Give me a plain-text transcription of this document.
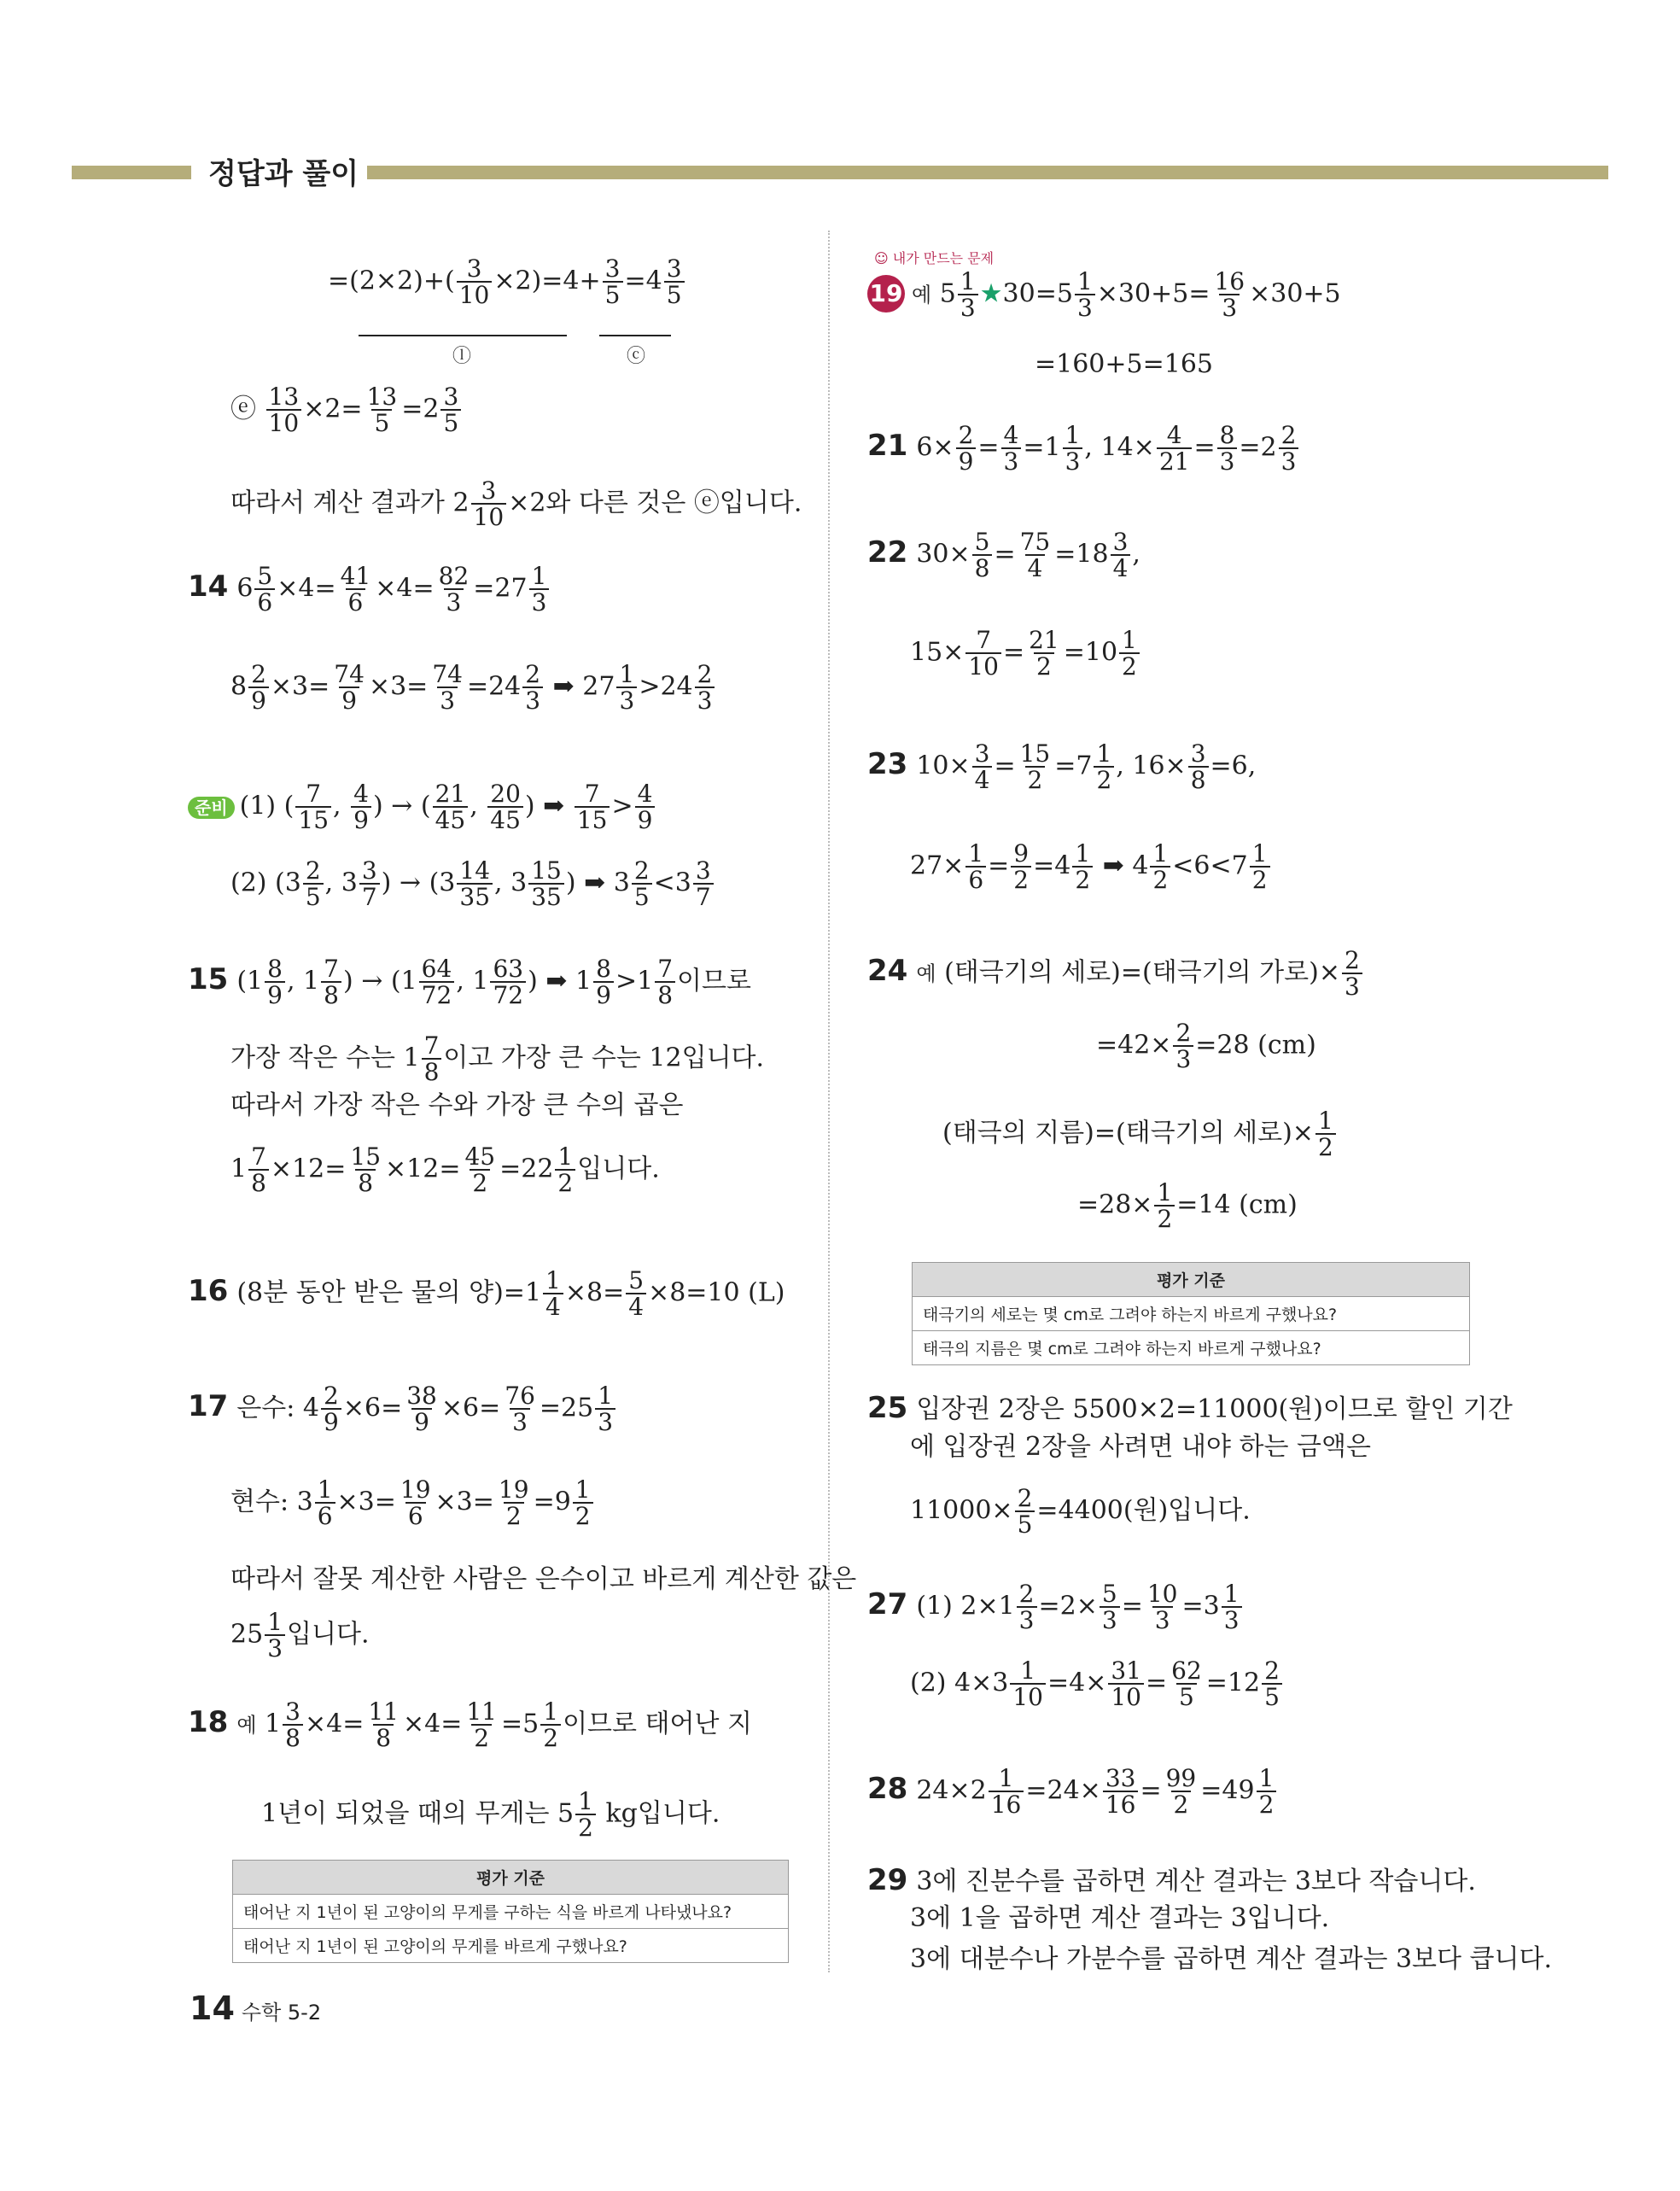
정답과 풀이
$=(2\times 2)+( \frac{3}{10} \times 2)=4+ \frac{3}{5} =4 \frac{3}{5}$
ⓛ	ⓒ
ⓔ $\frac{13}{10} \times 2= \frac{13}{5} =2 \frac{3}{5}$
따라서 계산 결과가 $2 \frac{3}{10} \times 2$와 다른 것은 ⓔ입니다.
14 $6 \frac{5}{6} \times 4= \frac{41}{6} \times 4= \frac{82}{3} =27 \frac{1}{3}$
$8 \frac{2}{9} \times 3= \frac{74}{9} \times 3= \frac{74}{3} =24 \frac{2}{3}$ ➡ $27 \frac{1}{3} >24 \frac{2}{3}$
준비 (1) ( $\frac{7}{15}$ , $\frac{4}{9}$ ) → ( $\frac{21}{45}$ , $\frac{20}{45}$ ) ➡ $\frac{7}{15} > \frac{4}{9}$
(2) ($3 \frac{2}{5}$ , $3 \frac{3}{7}$ ) → ($3 \frac{14}{35}$ , $3 \frac{15}{35}$ ) ➡ $3 \frac{2}{5} <3 \frac{3}{7}$
15 ($1 \frac{8}{9}$ , $1 \frac{7}{8}$ ) → ($1 \frac{64}{72}$ , $1 \frac{63}{72}$ ) ➡ $1 \frac{8}{9} >1 \frac{7}{8}$ 이므로
가장 작은 수는 $1 \frac{7}{8}$ 이고 가장 큰 수는 12입니다.
따라서 가장 작은 수와 가장 큰 수의 곱은
$1 \frac{7}{8} \times 12= \frac{15}{8} \times 12= \frac{45}{2} =22 \frac{1}{2}$ 입니다.
16 (8분 동안 받은 물의 양)$=1 \frac{1}{4} \times 8= \frac{5}{4} \times 8=10$ (L)
17 은수: $4 \frac{2}{9} \times 6= \frac{38}{9} \times 6= \frac{76}{3} =25 \frac{1}{3}$
현수: $3 \frac{1}{6} \times 3= \frac{19}{6} \times 3= \frac{19}{2} =9 \frac{1}{2}$
따라서 잘못 계산한 사람은 은수이고 바르게 계산한 값은
$25 \frac{1}{3}$ 입니다.
18 예 $1 \frac{3}{8} \times 4= \frac{11}{8} \times 4= \frac{11}{2} =5 \frac{1}{2}$ 이므로 태어난 지
1년이 되었을 때의 무게는 $5 \frac{1}{2}$ kg입니다.
평가 기준
태어난 지 1년이 된 고양이의 무게를 구하는 식을 바르게 나타냈나요?
태어난 지 1년이 된 고양이의 무게를 바르게 구했나요?
☺ 내가 만드는 문제
19 예 $5 \frac{1}{3}$ ★30=5 $\frac{1}{3} \times 30+5= \frac{16}{3} \times 30+5$
=160+5=165
21 $6\times \frac{2}{9} = \frac{4}{3} =1 \frac{1}{3}$ , $14\times \frac{4}{21} = \frac{8}{3} =2 \frac{2}{3}$
22 $30\times \frac{5}{8} = \frac{75}{4} =18 \frac{3}{4}$ ,
$15\times \frac{7}{10} = \frac{21}{2} =10 \frac{1}{2}$
23 $10\times \frac{3}{4} = \frac{15}{2} =7 \frac{1}{2}$ , $16\times \frac{3}{8} =6$,
$27\times \frac{1}{6} = \frac{9}{2} =4 \frac{1}{2}$ ➡ $4 \frac{1}{2} <6<7 \frac{1}{2}$
24 예 (태극기의 세로)=(태극기의 가로)× $\frac{2}{3}$
$=42\times \frac{2}{3} =28$ (cm)
(태극의 지름)=(태극기의 세로)× $\frac{1}{2}$
$=28\times \frac{1}{2} =14$ (cm)
평가 기준
태극기의 세로는 몇 cm로 그려야 하는지 바르게 구했나요?
태극의 지름은 몇 cm로 그려야 하는지 바르게 구했나요?
25 입장권 2장은 5500×2=11000(원)이므로 할인 기간
에 입장권 2장을 사려면 내야 하는 금액은
$11000\times \frac{2}{5} =4400$(원)입니다.
27 (1) $2\times 1 \frac{2}{3} =2\times \frac{5}{3} = \frac{10}{3} =3 \frac{1}{3}$
(2) $4\times 3 \frac{1}{10} =4\times \frac{31}{10} = \frac{62}{5} =12 \frac{2}{5}$
28 $24\times 2 \frac{1}{16} =24\times \frac{33}{16} = \frac{99}{2} =49 \frac{1}{2}$
29 3에 진분수를 곱하면 계산 결과는 3보다 작습니다.
3에 1을 곱하면 계산 결과는 3입니다.
3에 대분수나 가분수를 곱하면 계산 결과는 3보다 큽니다.
14 수학 5-2
